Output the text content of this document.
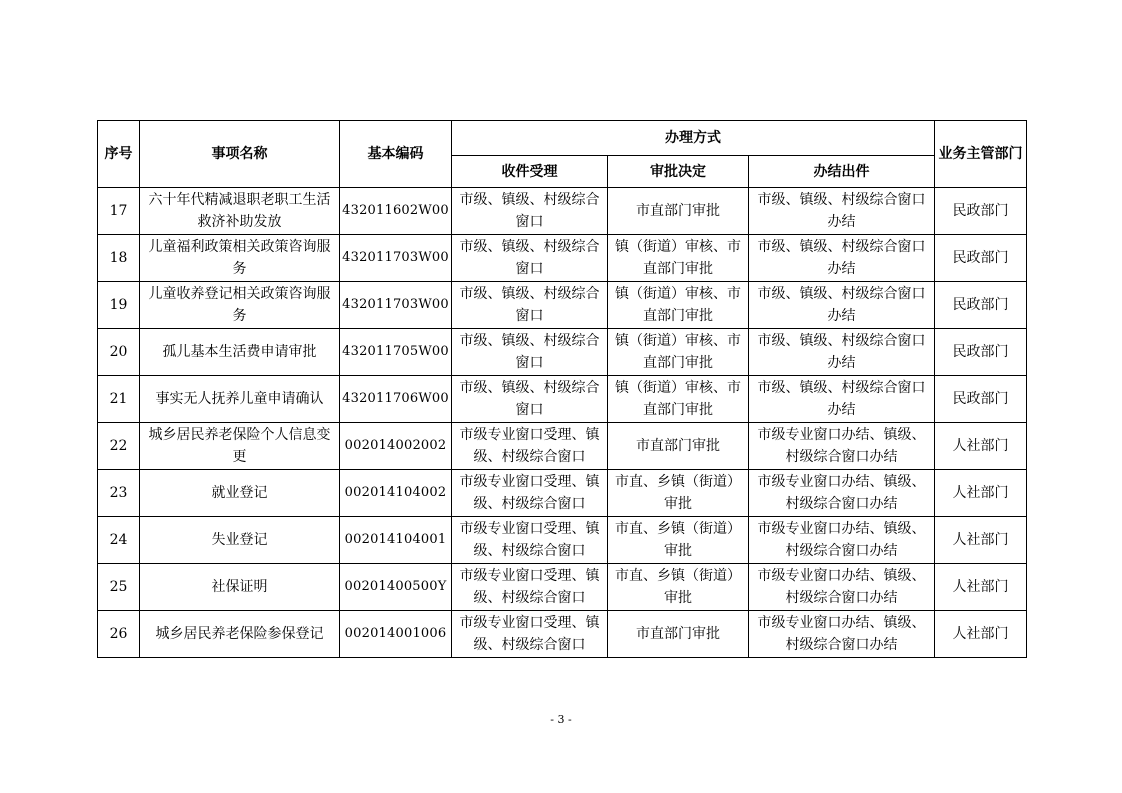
序号	事项名称	基本编码	办理方式			业务主管部门
			收件受理	审批决定	办结出件	
17	六十年代精减退职老职工生活救济补助发放	432011602W00	市级、镇级、村级综合窗口	市直部门审批	市级、镇级、村级综合窗口办结	民政部门
18	儿童福利政策相关政策咨询服务	432011703W00	市级、镇级、村级综合窗口	镇（街道）审核、市直部门审批	市级、镇级、村级综合窗口办结	民政部门
19	儿童收养登记相关政策咨询服务	432011703W00	市级、镇级、村级综合窗口	镇（街道）审核、市直部门审批	市级、镇级、村级综合窗口办结	民政部门
20	孤儿基本生活费申请审批	432011705W00	市级、镇级、村级综合窗口	镇（街道）审核、市直部门审批	市级、镇级、村级综合窗口办结	民政部门
21	事实无人抚养儿童申请确认	432011706W00	市级、镇级、村级综合窗口	镇（街道）审核、市直部门审批	市级、镇级、村级综合窗口办结	民政部门
22	城乡居民养老保险个人信息变更	002014002002	市级专业窗口受理、镇级、村级综合窗口	市直部门审批	市级专业窗口办结、镇级、村级综合窗口办结	人社部门
23	就业登记	002014104002	市级专业窗口受理、镇级、村级综合窗口	市直、乡镇（街道）审批	市级专业窗口办结、镇级、村级综合窗口办结	人社部门
24	失业登记	002014104001	市级专业窗口受理、镇级、村级综合窗口	市直、乡镇（街道）审批	市级专业窗口办结、镇级、村级综合窗口办结	人社部门
25	社保证明	00201400500Y	市级专业窗口受理、镇级、村级综合窗口	市直、乡镇（街道）审批	市级专业窗口办结、镇级、村级综合窗口办结	人社部门
26	城乡居民养老保险参保登记	002014001006	市级专业窗口受理、镇级、村级综合窗口	市直部门审批	市级专业窗口办结、镇级、村级综合窗口办结	人社部门
- 3 -
